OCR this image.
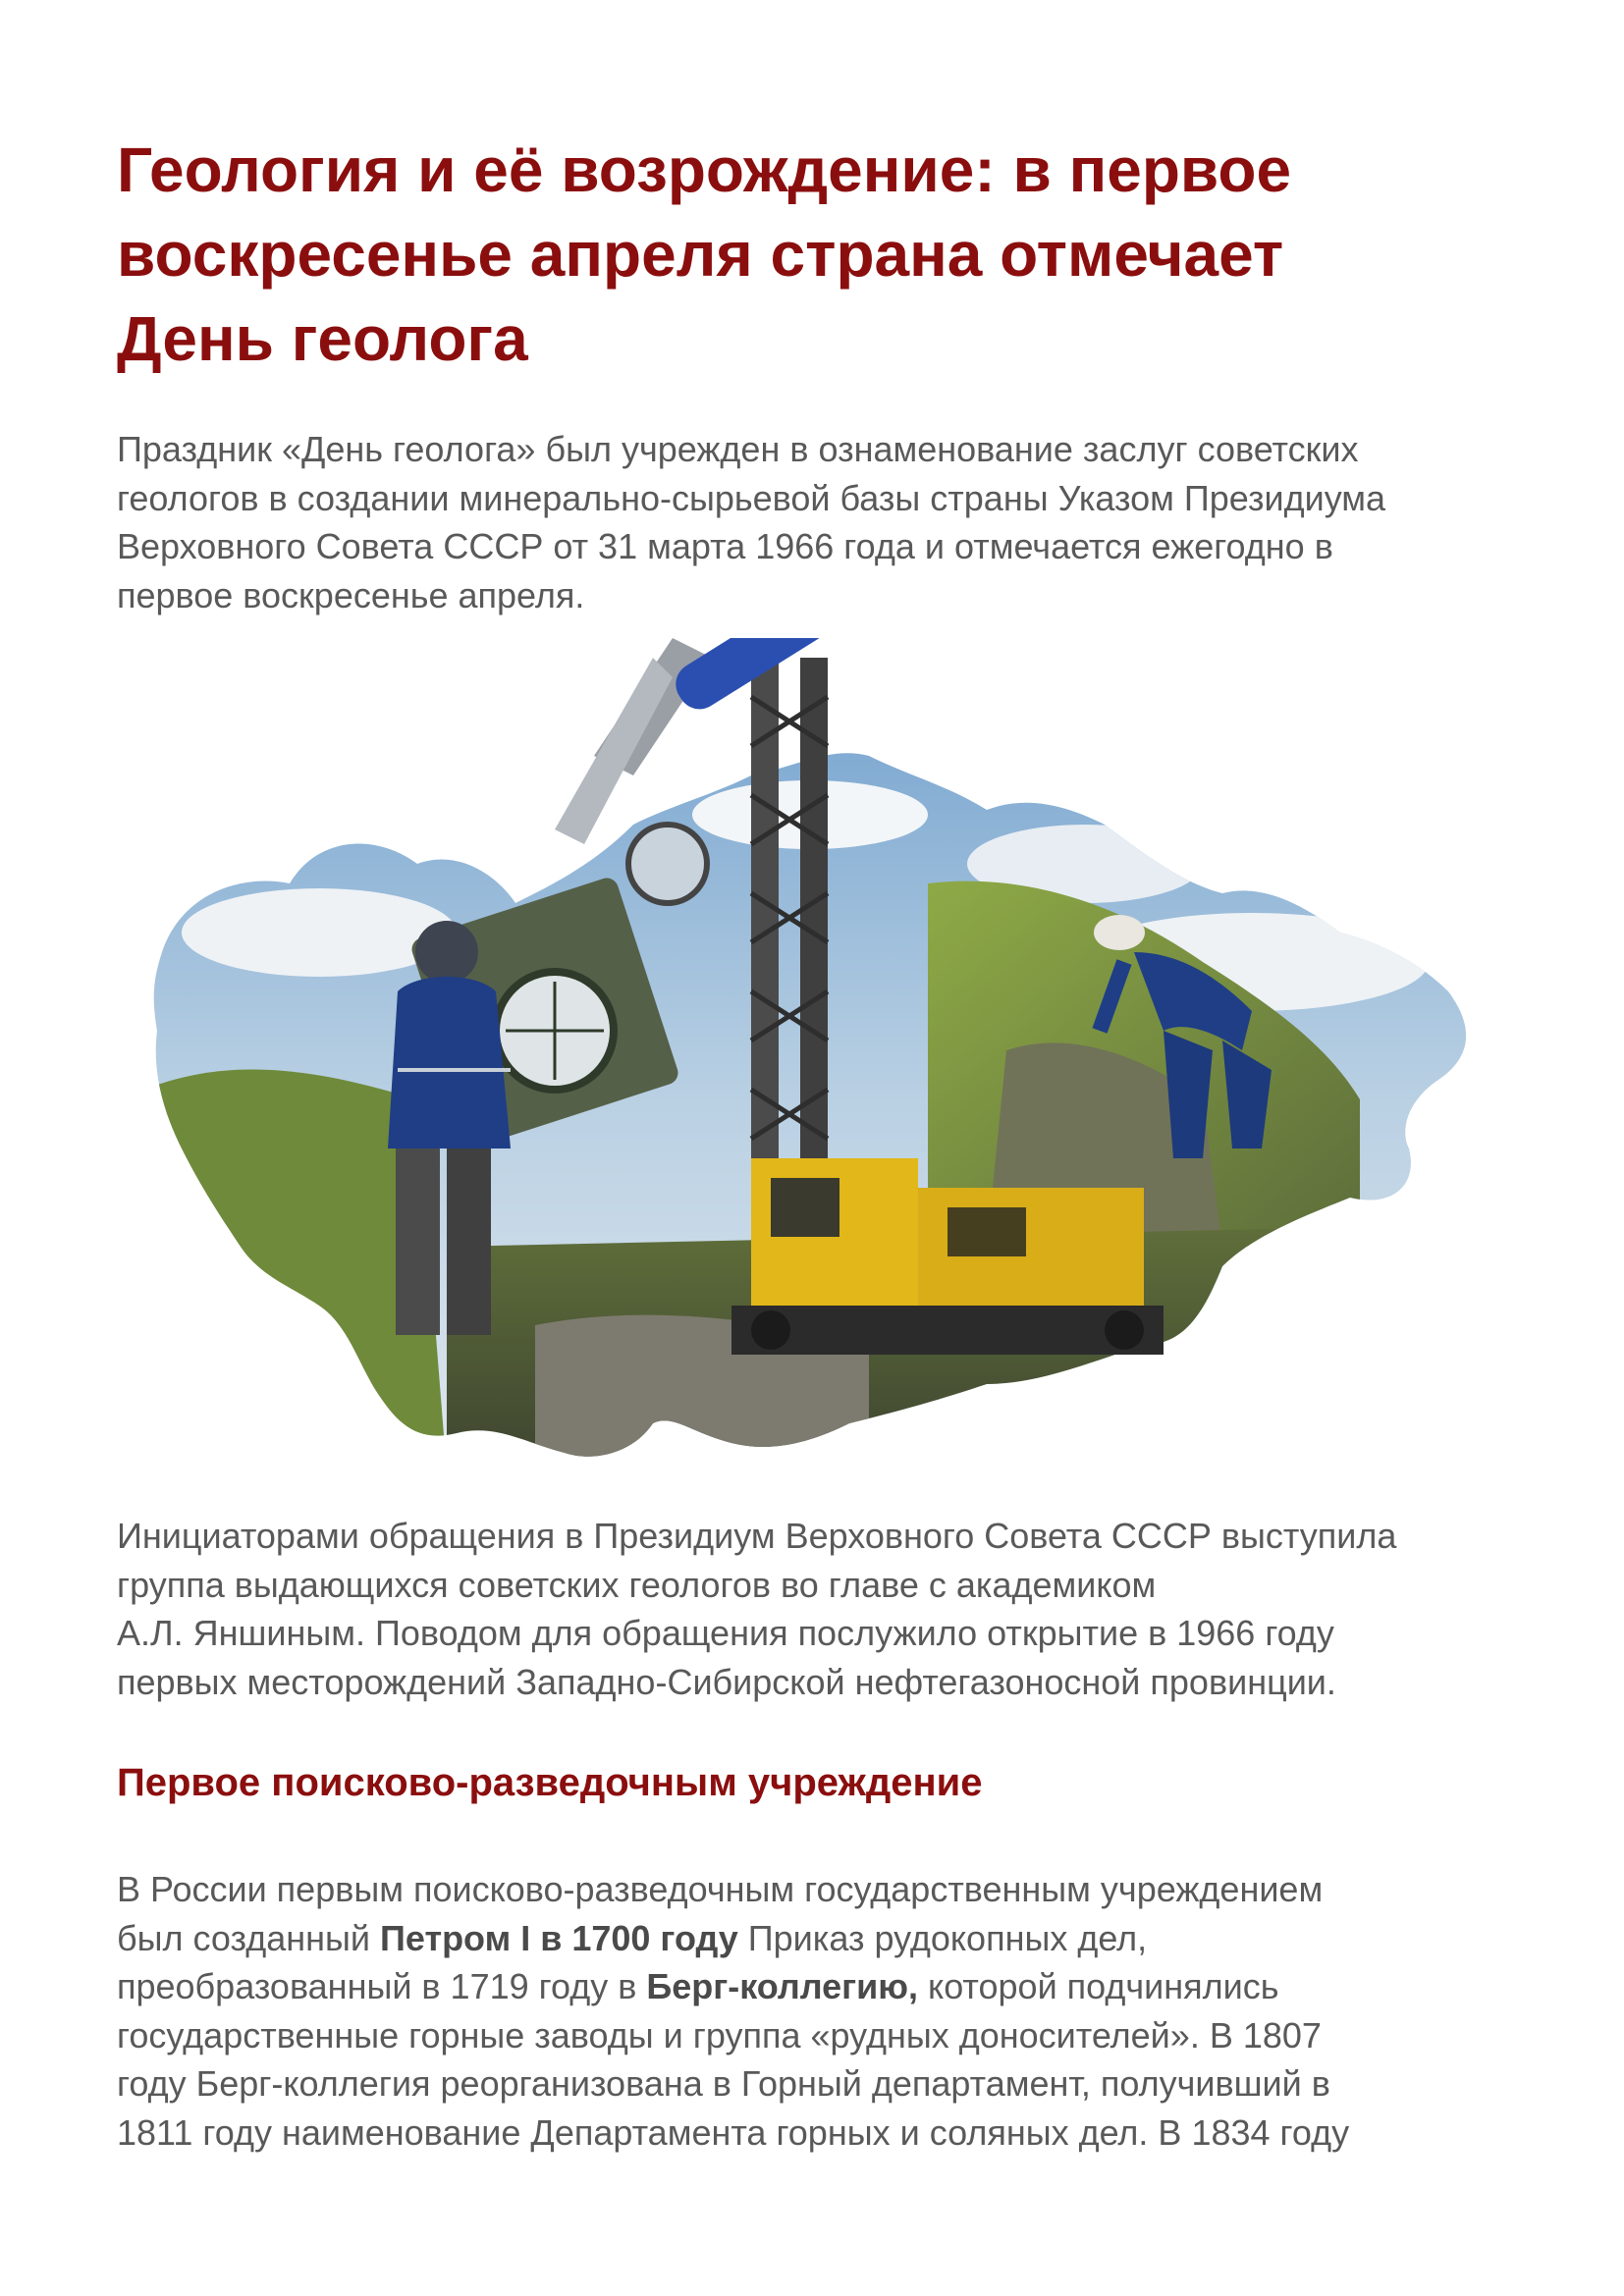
Геология и её возрождение: в первое
воскресенье апреля страна отмечает
День геолога

Праздник «День геолога» был учрежден в ознаменование заслуг советских
геологов в создании минерально-сырьевой базы страны Указом Президиума
Верховного Совета СССР от 31 марта 1966 года и отмечается ежегодно в
первое воскресенье апреля.

Инициаторами обращения в Президиум Верховного Совета СССР выступила
группа выдающихся советских геологов во главе с академиком
А.Л. Яншиным. Поводом для обращения послужило открытие в 1966 году
первых месторождений Западно-Сибирской нефтегазоносной провинции.

Первое поисково-разведочным учреждение

В России первым поисково-разведочным государственным учреждением
был созданный Петром I в 1700 году Приказ рудокопных дел,
преобразованный в 1719 году в Берг-коллегию, которой подчинялись
государственные горные заводы и группа «рудных доносителей». В 1807
году Берг-коллегия реорганизована в Горный департамент, получивший в
1811 году наименование Департамента горных и соляных дел. В 1834 году
